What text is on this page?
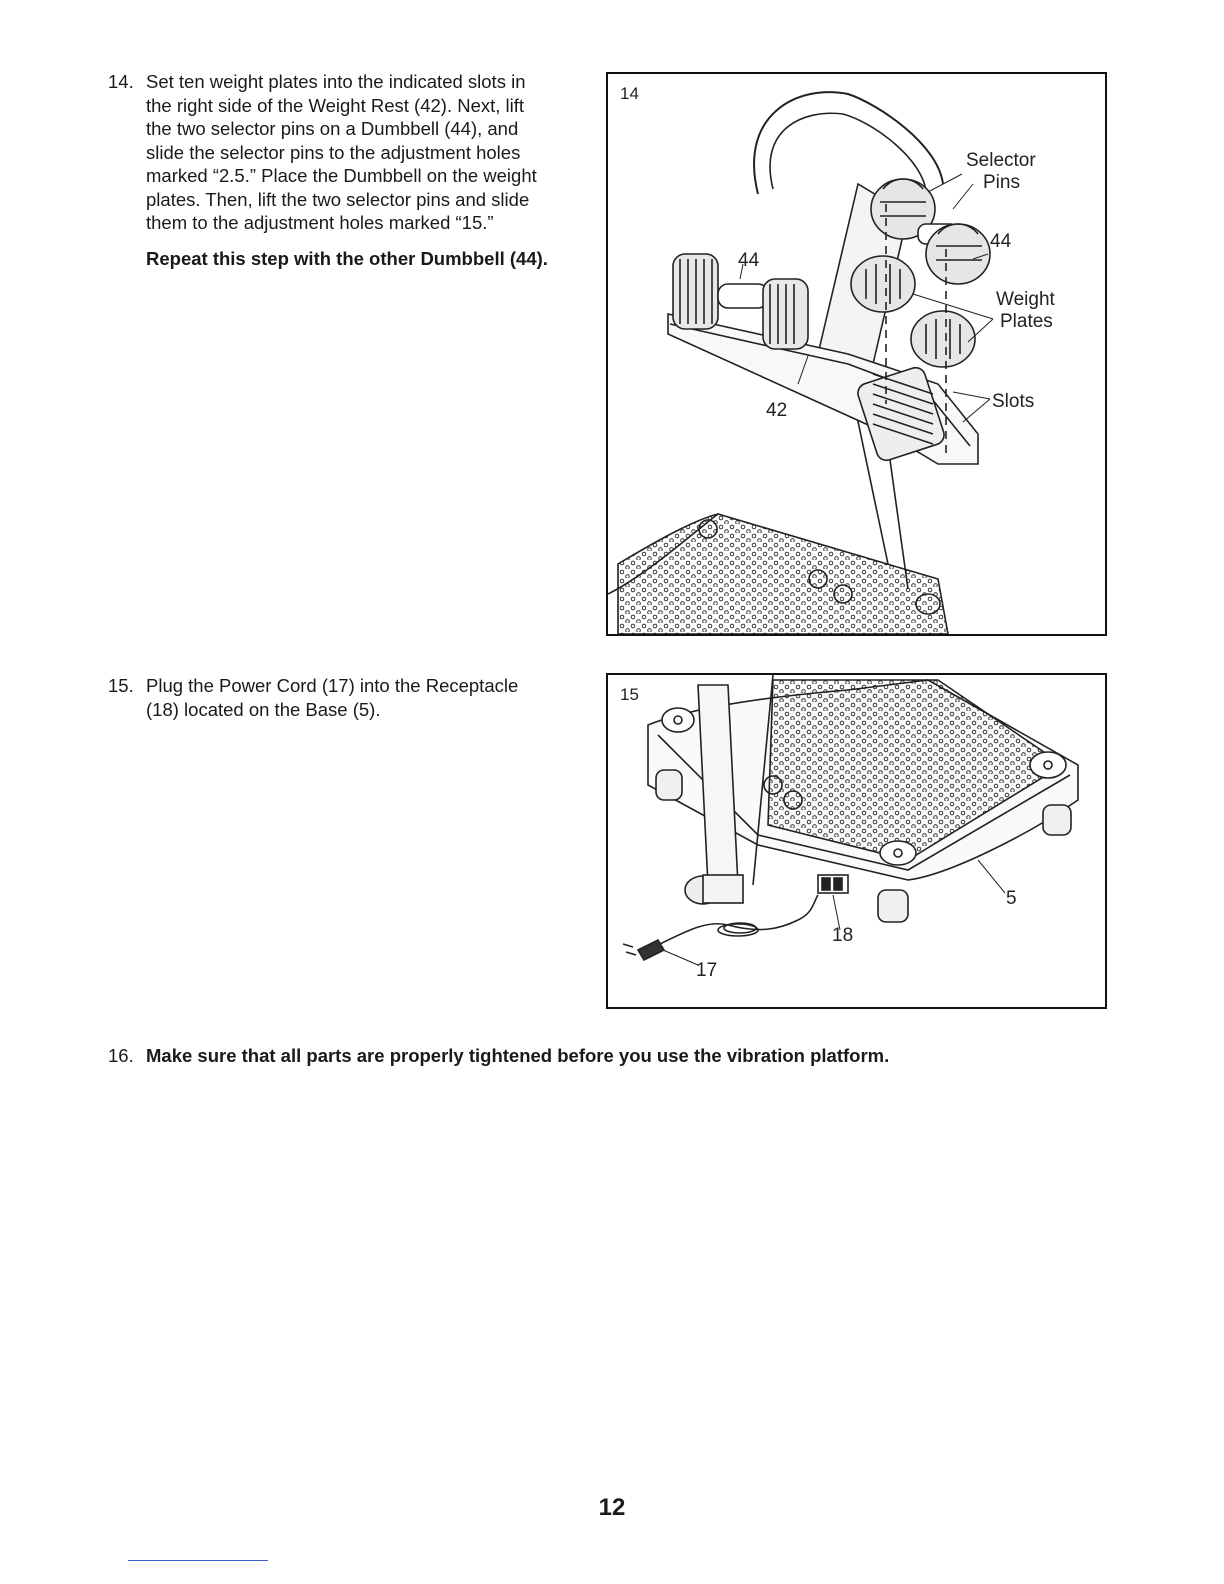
14. Set ten weight plates into the indicated slots in
the right side of the Weight Rest (42). Next, lift
the two selector pins on a Dumbbell (44), and
slide the selector pins to the adjustment holes
marked “2.5.” Place the Dumbbell on the weight
plates. Then, lift the two selector pins and slide
them to the adjustment holes marked “15.”
Repeat this step with the other Dumbbell (44).
14
Selector
Pins
44
44
Weight
Plates
Slots
42
15. Plug the Power Cord (17) into the Receptacle
(18) located on the Base (5).
15
5
18
17
16. Make sure that all parts are properly tightened before you use the vibration platform.
12
